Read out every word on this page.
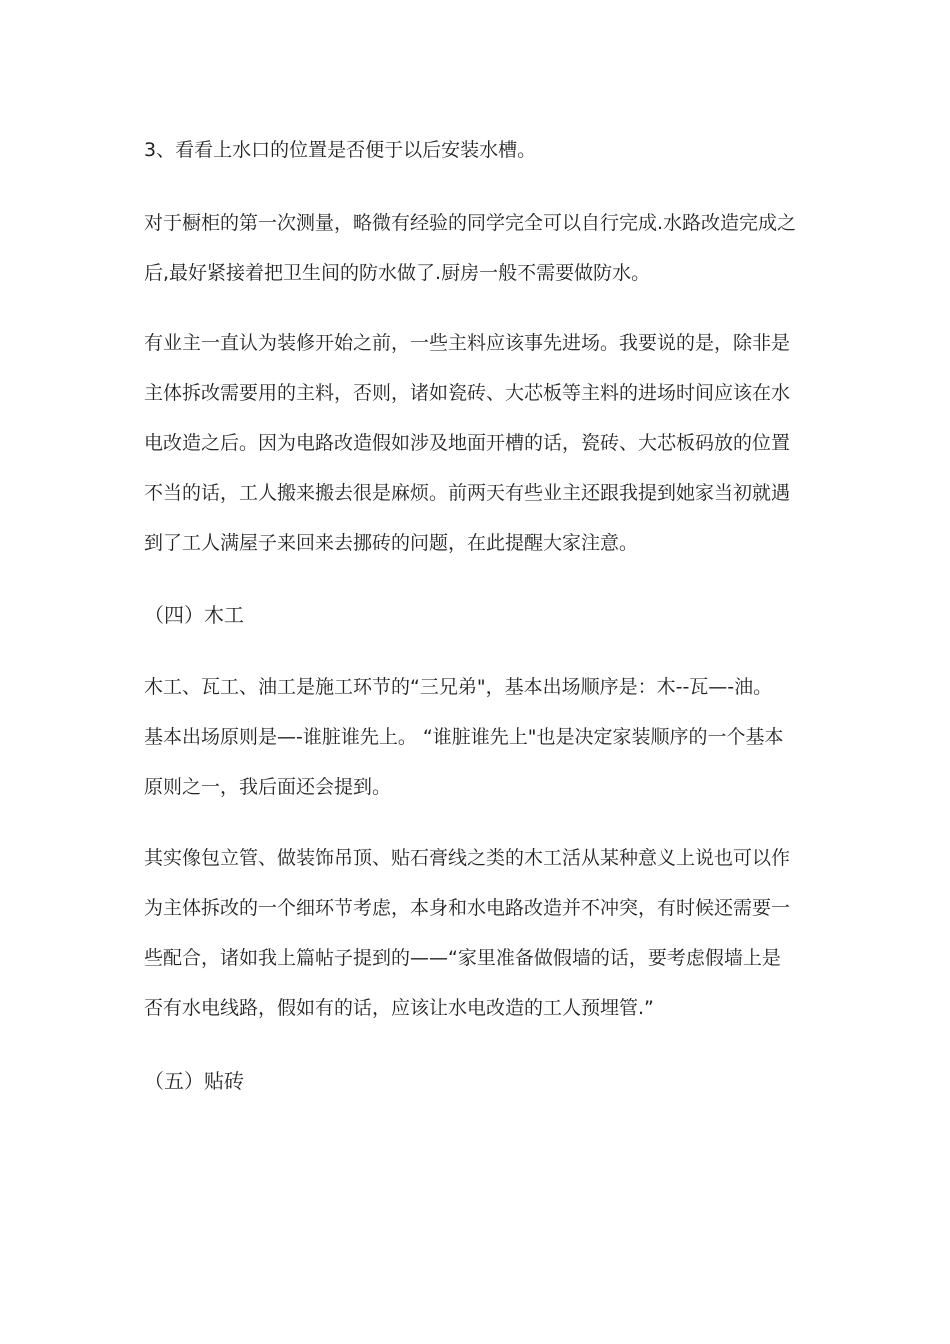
3、看看上水口的位置是否便于以后安装水槽。

对于橱柜的第一次测量，略微有经验的同学完全可以自行完成.水路改造完成之
后,最好紧接着把卫生间的防水做了.厨房一般不需要做防水。

有业主一直认为装修开始之前，一些主料应该事先进场。我要说的是，除非是
主体拆改需要用的主料，否则，诸如瓷砖、大芯板等主料的进场时间应该在水
电改造之后。因为电路改造假如涉及地面开槽的话，瓷砖、大芯板码放的位置
不当的话，工人搬来搬去很是麻烦。前两天有些业主还跟我提到她家当初就遇
到了工人满屋子来回来去挪砖的问题，在此提醒大家注意。

（四）木工

木工、瓦工、油工是施工环节的“三兄弟"，基本出场顺序是：木--瓦—-油。
基本出场原则是—-谁脏谁先上。 “谁脏谁先上"也是决定家装顺序的一个基本
原则之一，我后面还会提到。

其实像包立管、做装饰吊顶、贴石膏线之类的木工活从某种意义上说也可以作
为主体拆改的一个细环节考虑，本身和水电路改造并不冲突，有时候还需要一
些配合，诸如我上篇帖子提到的——“家里准备做假墙的话，要考虑假墙上是
否有水电线路，假如有的话，应该让水电改造的工人预埋管.”

（五）贴砖
